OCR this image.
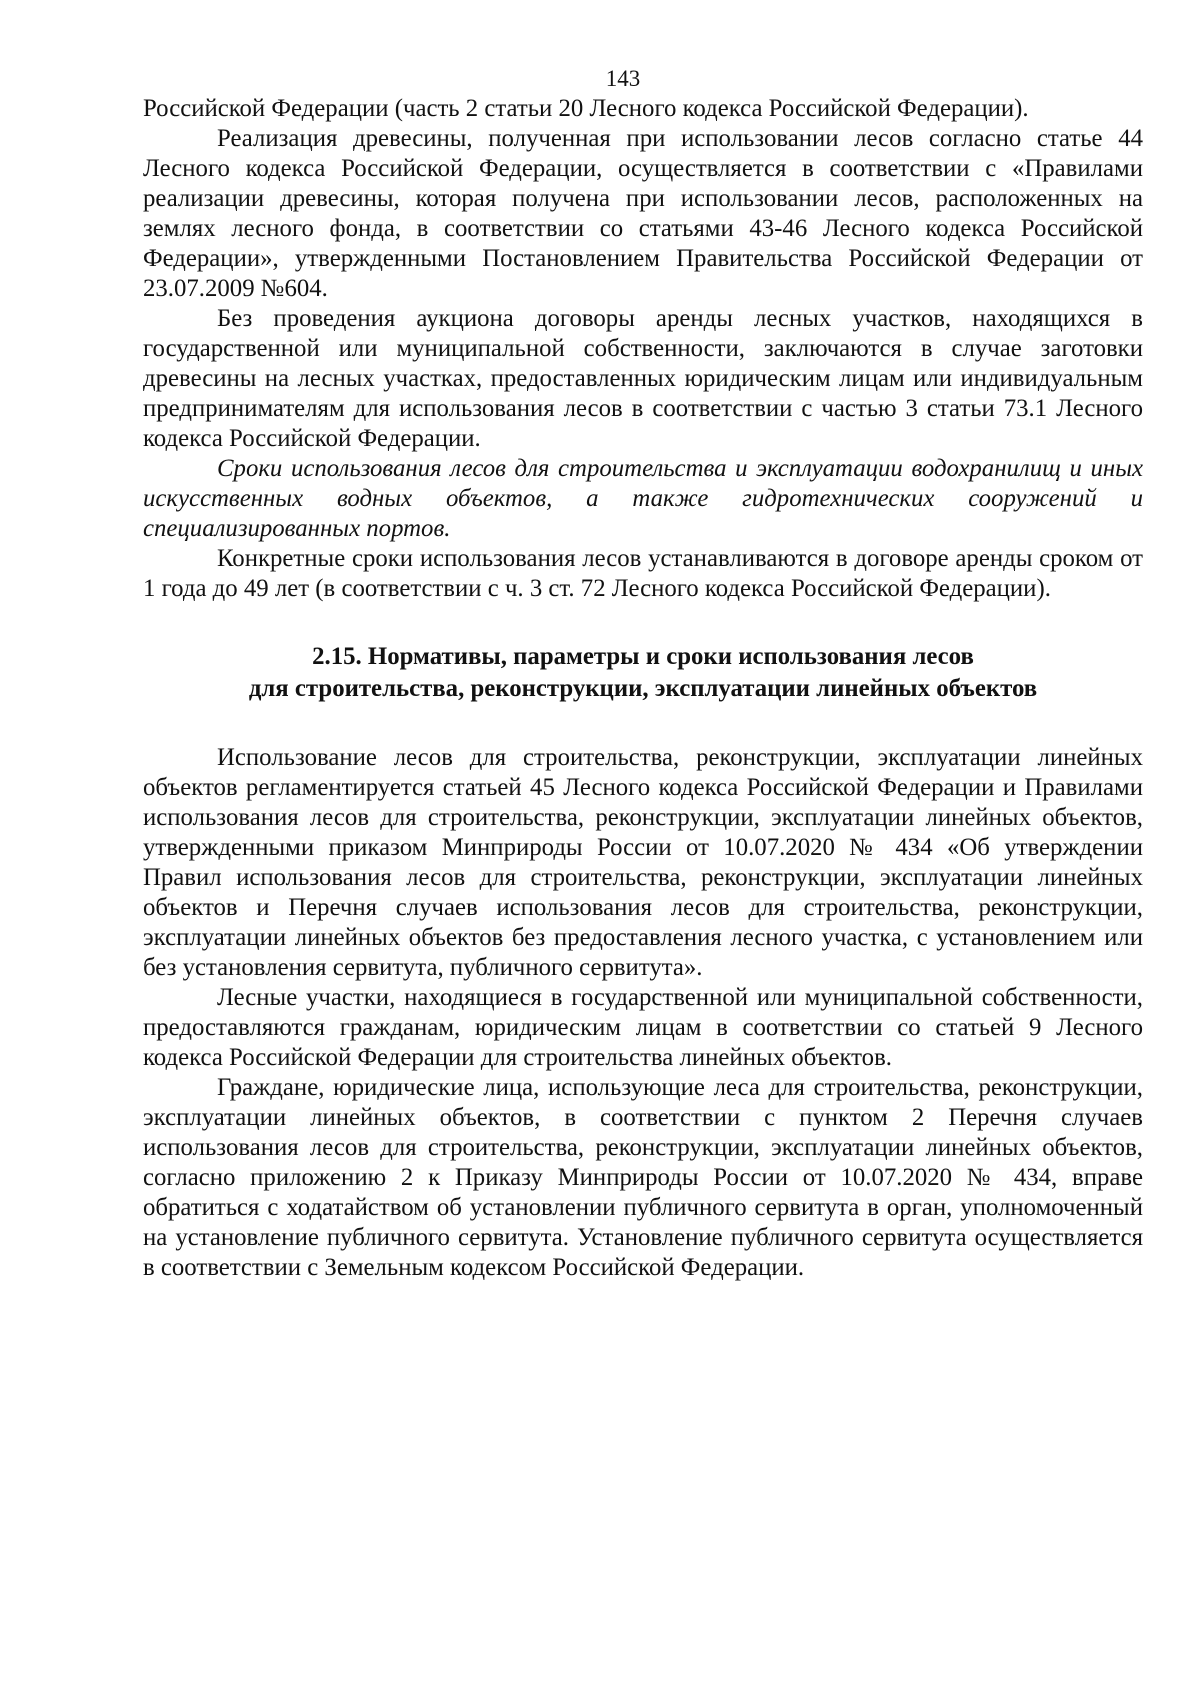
143

Российской Федерации (часть 2 статьи 20 Лесного кодекса Российской Федерации).

Реализация древесины, полученная при использовании лесов согласно статье 44 Лесного кодекса Российской Федерации, осуществляется в соответствии с «Правилами реализации древесины, которая получена при использовании лесов, расположенных на землях лесного фонда, в соответствии со статьями 43-46 Лесного кодекса Российской Федерации», утвержденными Постановлением Правительства Российской Федерации от 23.07.2009 №604.

Без проведения аукциона договоры аренды лесных участков, находящихся в государственной или муниципальной собственности, заключаются в случае заготовки древесины на лесных участках, предоставленных юридическим лицам или индивидуальным предпринимателям для использования лесов в соответствии с частью 3 статьи 73.1 Лесного кодекса Российской Федерации.

Сроки использования лесов для строительства и эксплуатации водохранилищ и иных искусственных водных объектов, а также гидротехнических сооружений и специализированных портов.

Конкретные сроки использования лесов устанавливаются в договоре аренды сроком от 1 года до 49 лет (в соответствии с ч. 3 ст. 72 Лесного кодекса Российской Федерации).

2.15. Нормативы, параметры и сроки использования лесов
для строительства, реконструкции, эксплуатации линейных объектов

Использование лесов для строительства, реконструкции, эксплуатации линейных объектов регламентируется статьей 45 Лесного кодекса Российской Федерации и Правилами использования лесов для строительства, реконструкции, эксплуатации линейных объектов, утвержденными приказом Минприроды России от 10.07.2020 № 434 «Об утверждении Правил использования лесов для строительства, реконструкции, эксплуатации линейных объектов и Перечня случаев использования лесов для строительства, реконструкции, эксплуатации линейных объектов без предоставления лесного участка, с установлением или без установления сервитута, публичного сервитута».

Лесные участки, находящиеся в государственной или муниципальной собственности, предоставляются гражданам, юридическим лицам в соответствии со статьей 9 Лесного кодекса Российской Федерации для строительства линейных объектов.

Граждане, юридические лица, использующие леса для строительства, реконструкции, эксплуатации линейных объектов, в соответствии с пунктом 2 Перечня случаев использования лесов для строительства, реконструкции, эксплуатации линейных объектов, согласно приложению 2 к Приказу Минприроды России от 10.07.2020 № 434, вправе обратиться с ходатайством об установлении публичного сервитута в орган, уполномоченный на установление публичного сервитута. Установление публичного сервитута осуществляется в соответствии с Земельным кодексом Российской Федерации.
